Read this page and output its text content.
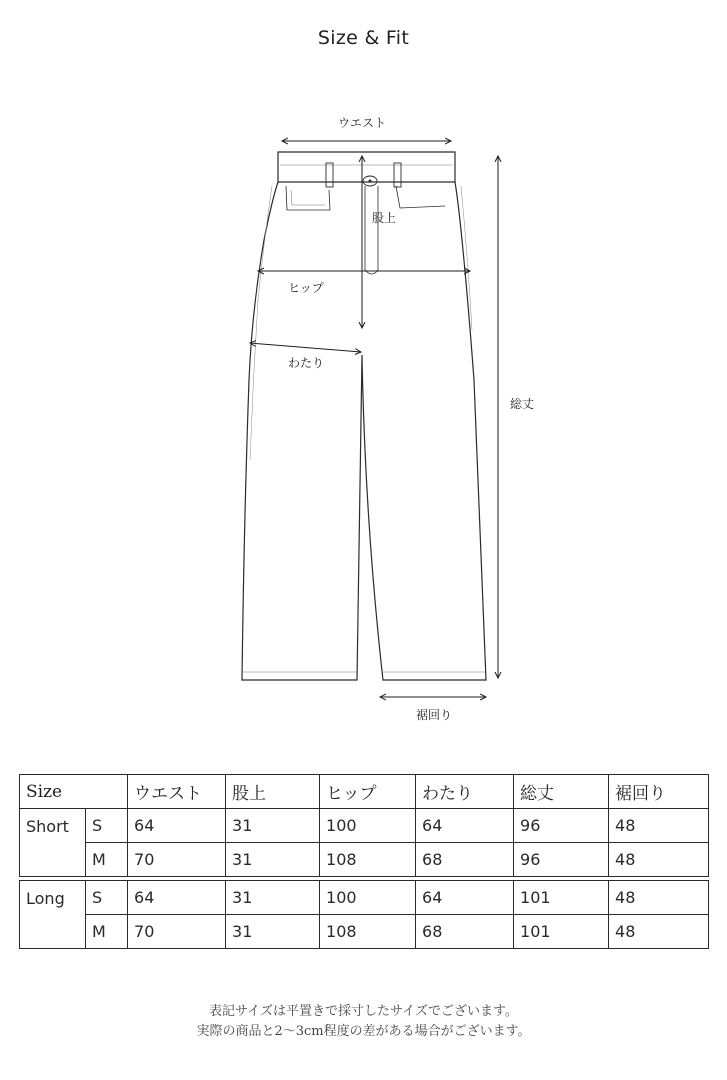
Size & Fit
ウエスト
股上
ヒップ
わたり
総丈
裾回り
Size		ウエスト	股上	ヒップ	わたり	総丈	裾回り
Short	S	64	31	100	64	96	48
	M	70	31	108	68	96	48

Long	S	64	31	100	64	101	48
	M	70	31	108	68	101	48
表記サイズは平置きで採寸したサイズでございます。
実際の商品と2〜3cm程度の差がある場合がございます。
